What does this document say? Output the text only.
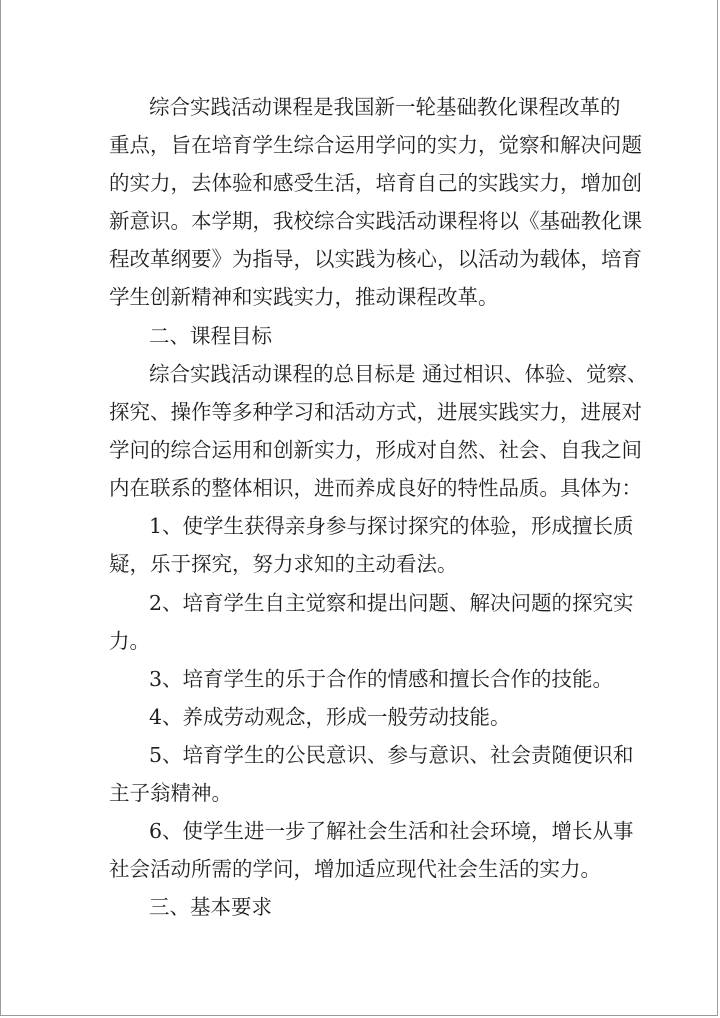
综合实践活动课程是我国新一轮基础教化课程改革的
重点，旨在培育学生综合运用学问的实力，觉察和解决问题
的实力，去体验和感受生活，培育自己的实践实力，增加创
新意识。本学期，我校综合实践活动课程将以《基础教化课
程改革纲要》为指导，以实践为核心，以活动为载体，培育
学生创新精神和实践实力，推动课程改革。
二、课程目标
综合实践活动课程的总目标是 通过相识、体验、觉察、
探究、操作等多种学习和活动方式，进展实践实力，进展对
学问的综合运用和创新实力，形成对自然、社会、自我之间
内在联系的整体相识，进而养成良好的特性品质。具体为：
1、使学生获得亲身参与探讨探究的体验，形成擅长质
疑，乐于探究，努力求知的主动看法。
2、培育学生自主觉察和提出问题、解决问题的探究实
力。
3、培育学生的乐于合作的情感和擅长合作的技能。
4、养成劳动观念，形成一般劳动技能。
5、培育学生的公民意识、参与意识、社会责随便识和
主子翁精神。
6、使学生进一步了解社会生活和社会环境，增长从事
社会活动所需的学问，增加适应现代社会生活的实力。
三、基本要求
